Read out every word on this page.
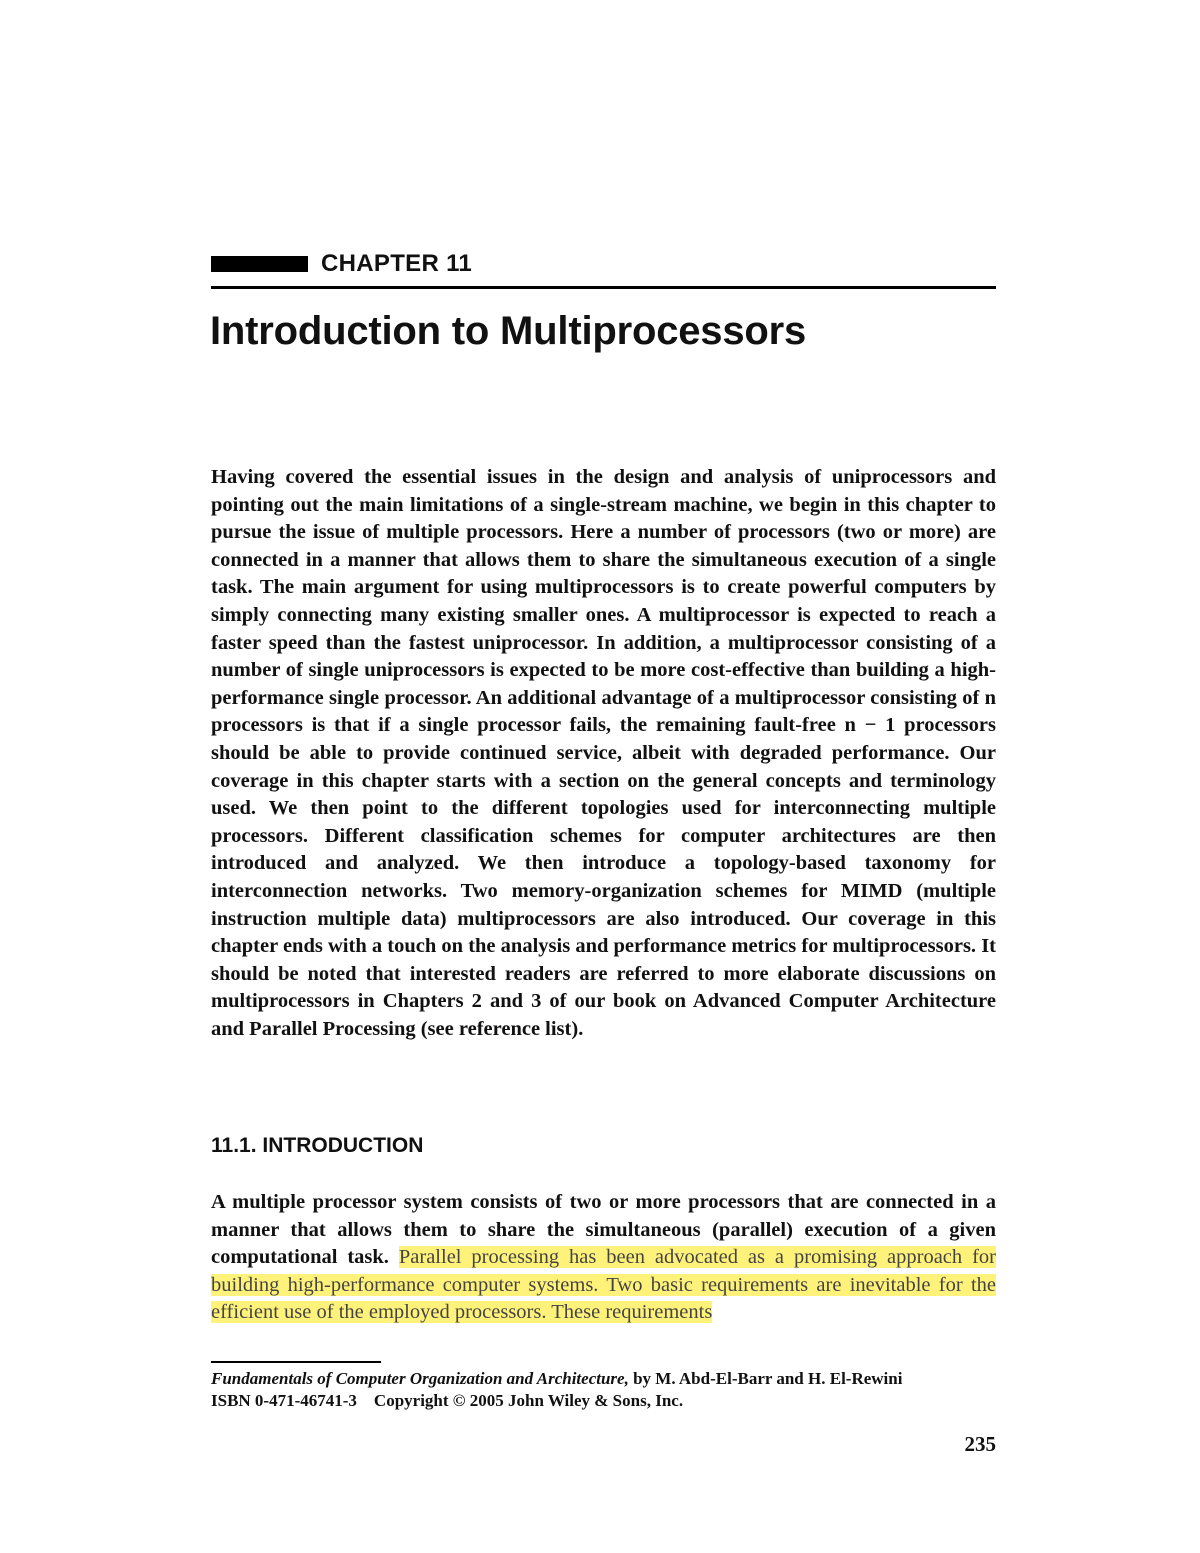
CHAPTER 11
Introduction to Multiprocessors

Having covered the essential issues in the design and analysis of uniprocessors and pointing out the main limitations of a single-stream machine, we begin in this chapter to pursue the issue of multiple processors. Here a number of processors (two or more) are connected in a manner that allows them to share the simultaneous execution of a single task. The main argument for using multiprocessors is to create powerful computers by simply connecting many existing smaller ones. A multiprocessor is expected to reach a faster speed than the fastest uniprocessor. In addition, a multiprocessor consisting of a number of single uniprocessors is expected to be more cost-effective than building a high-performance single processor. An additional advantage of a multiprocessor consisting of n processors is that if a single processor fails, the remaining fault-free n − 1 processors should be able to provide continued service, albeit with degraded performance. Our coverage in this chapter starts with a section on the general concepts and terminology used. We then point to the different topologies used for interconnecting multiple processors. Different classification schemes for computer architectures are then introduced and analyzed. We then introduce a topology-based taxonomy for interconnection networks. Two memory-organization schemes for MIMD (multiple instruction multiple data) multiprocessors are also introduced. Our coverage in this chapter ends with a touch on the analysis and performance metrics for multiprocessors. It should be noted that interested readers are referred to more elaborate discussions on multiprocessors in Chapters 2 and 3 of our book on Advanced Computer Architecture and Parallel Processing (see reference list).

11.1. INTRODUCTION

A multiple processor system consists of two or more processors that are connected in a manner that allows them to share the simultaneous (parallel) execution of a given computational task. Parallel processing has been advocated as a promising approach for building high-performance computer systems. Two basic requirements are inevitable for the efficient use of the employed processors. These requirements

Fundamentals of Computer Organization and Architecture, by M. Abd-El-Barr and H. El-Rewini
ISBN 0-471-46741-3    Copyright © 2005 John Wiley & Sons, Inc.
235
